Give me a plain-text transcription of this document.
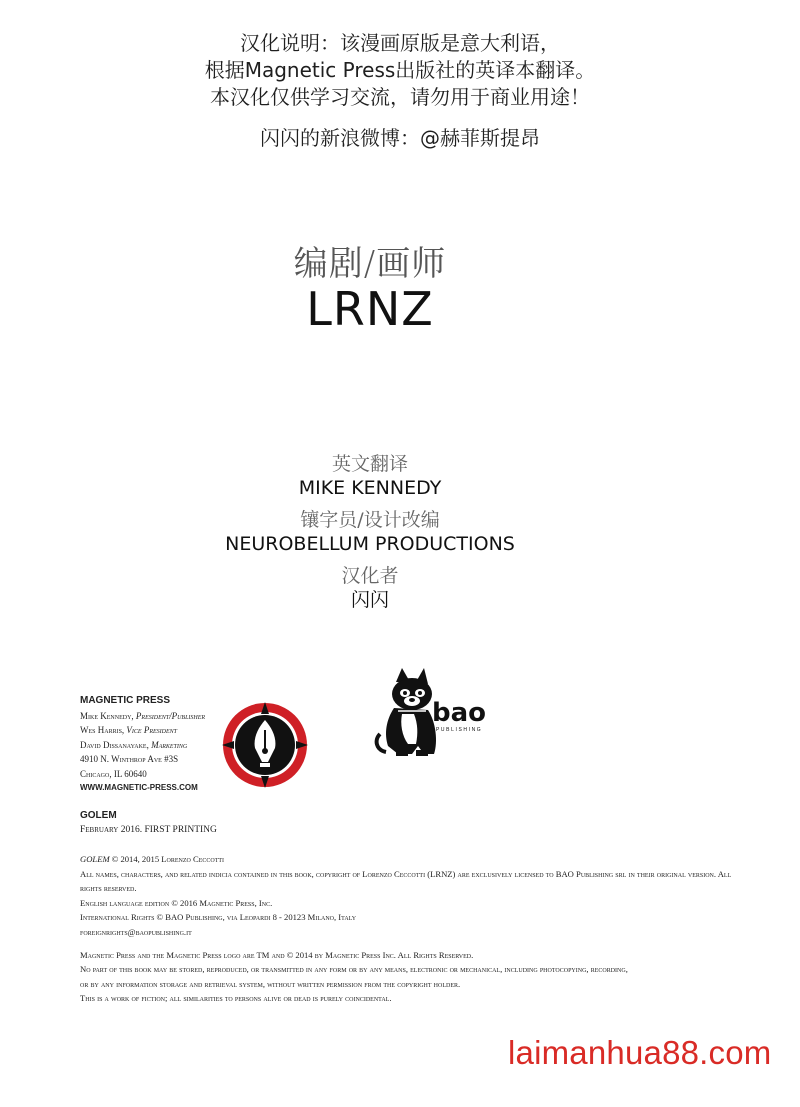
汉化说明：该漫画原版是意大利语，
根据Magnetic Press出版社的英译本翻译。
本汉化仅供学习交流，请勿用于商业用途！
闪闪的新浪微博：@赫菲斯提昂
编剧/画师
LRNZ
英文翻译
MIKE KENNEDY
镶字员/设计改编
NEUROBELLUM PRODUCTIONS
汉化者
闪闪
MAGNETIC PRESS
Mike Kennedy, President/Publisher
Wes Harris, Vice President
David Dissanayake, Marketing
4910 N. Winthrop Ave #3S
Chicago, IL 60640
WWW.MAGNETIC-PRESS.COM
bao
PUBLISHING
GOLEM
February 2016. FIRST PRINTING
GOLEM © 2014, 2015 Lorenzo Ceccotti
All names, characters, and related indicia contained in this book, copyright of Lorenzo Ceccotti (LRNZ) are exclusively licensed to BAO Publishing srl in their original version. All rights reserved.
English language edition © 2016 Magnetic Press, Inc.
International Rights © BAO Publishing, via Leopardi 8 - 20123 Milano, Italy
foreignrights@baopublishing.it
Magnetic Press and the Magnetic Press logo are TM and © 2014 by Magnetic Press Inc. All Rights Reserved.
No part of this book may be stored, reproduced, or transmitted in any form or by any means, electronic or mechanical, including photocopying, recording,
or by any information storage and retrieval system, without written permission from the copyright holder.
This is a work of fiction; all similarities to persons alive or dead is purely coincidental.
laimanhua88.com
